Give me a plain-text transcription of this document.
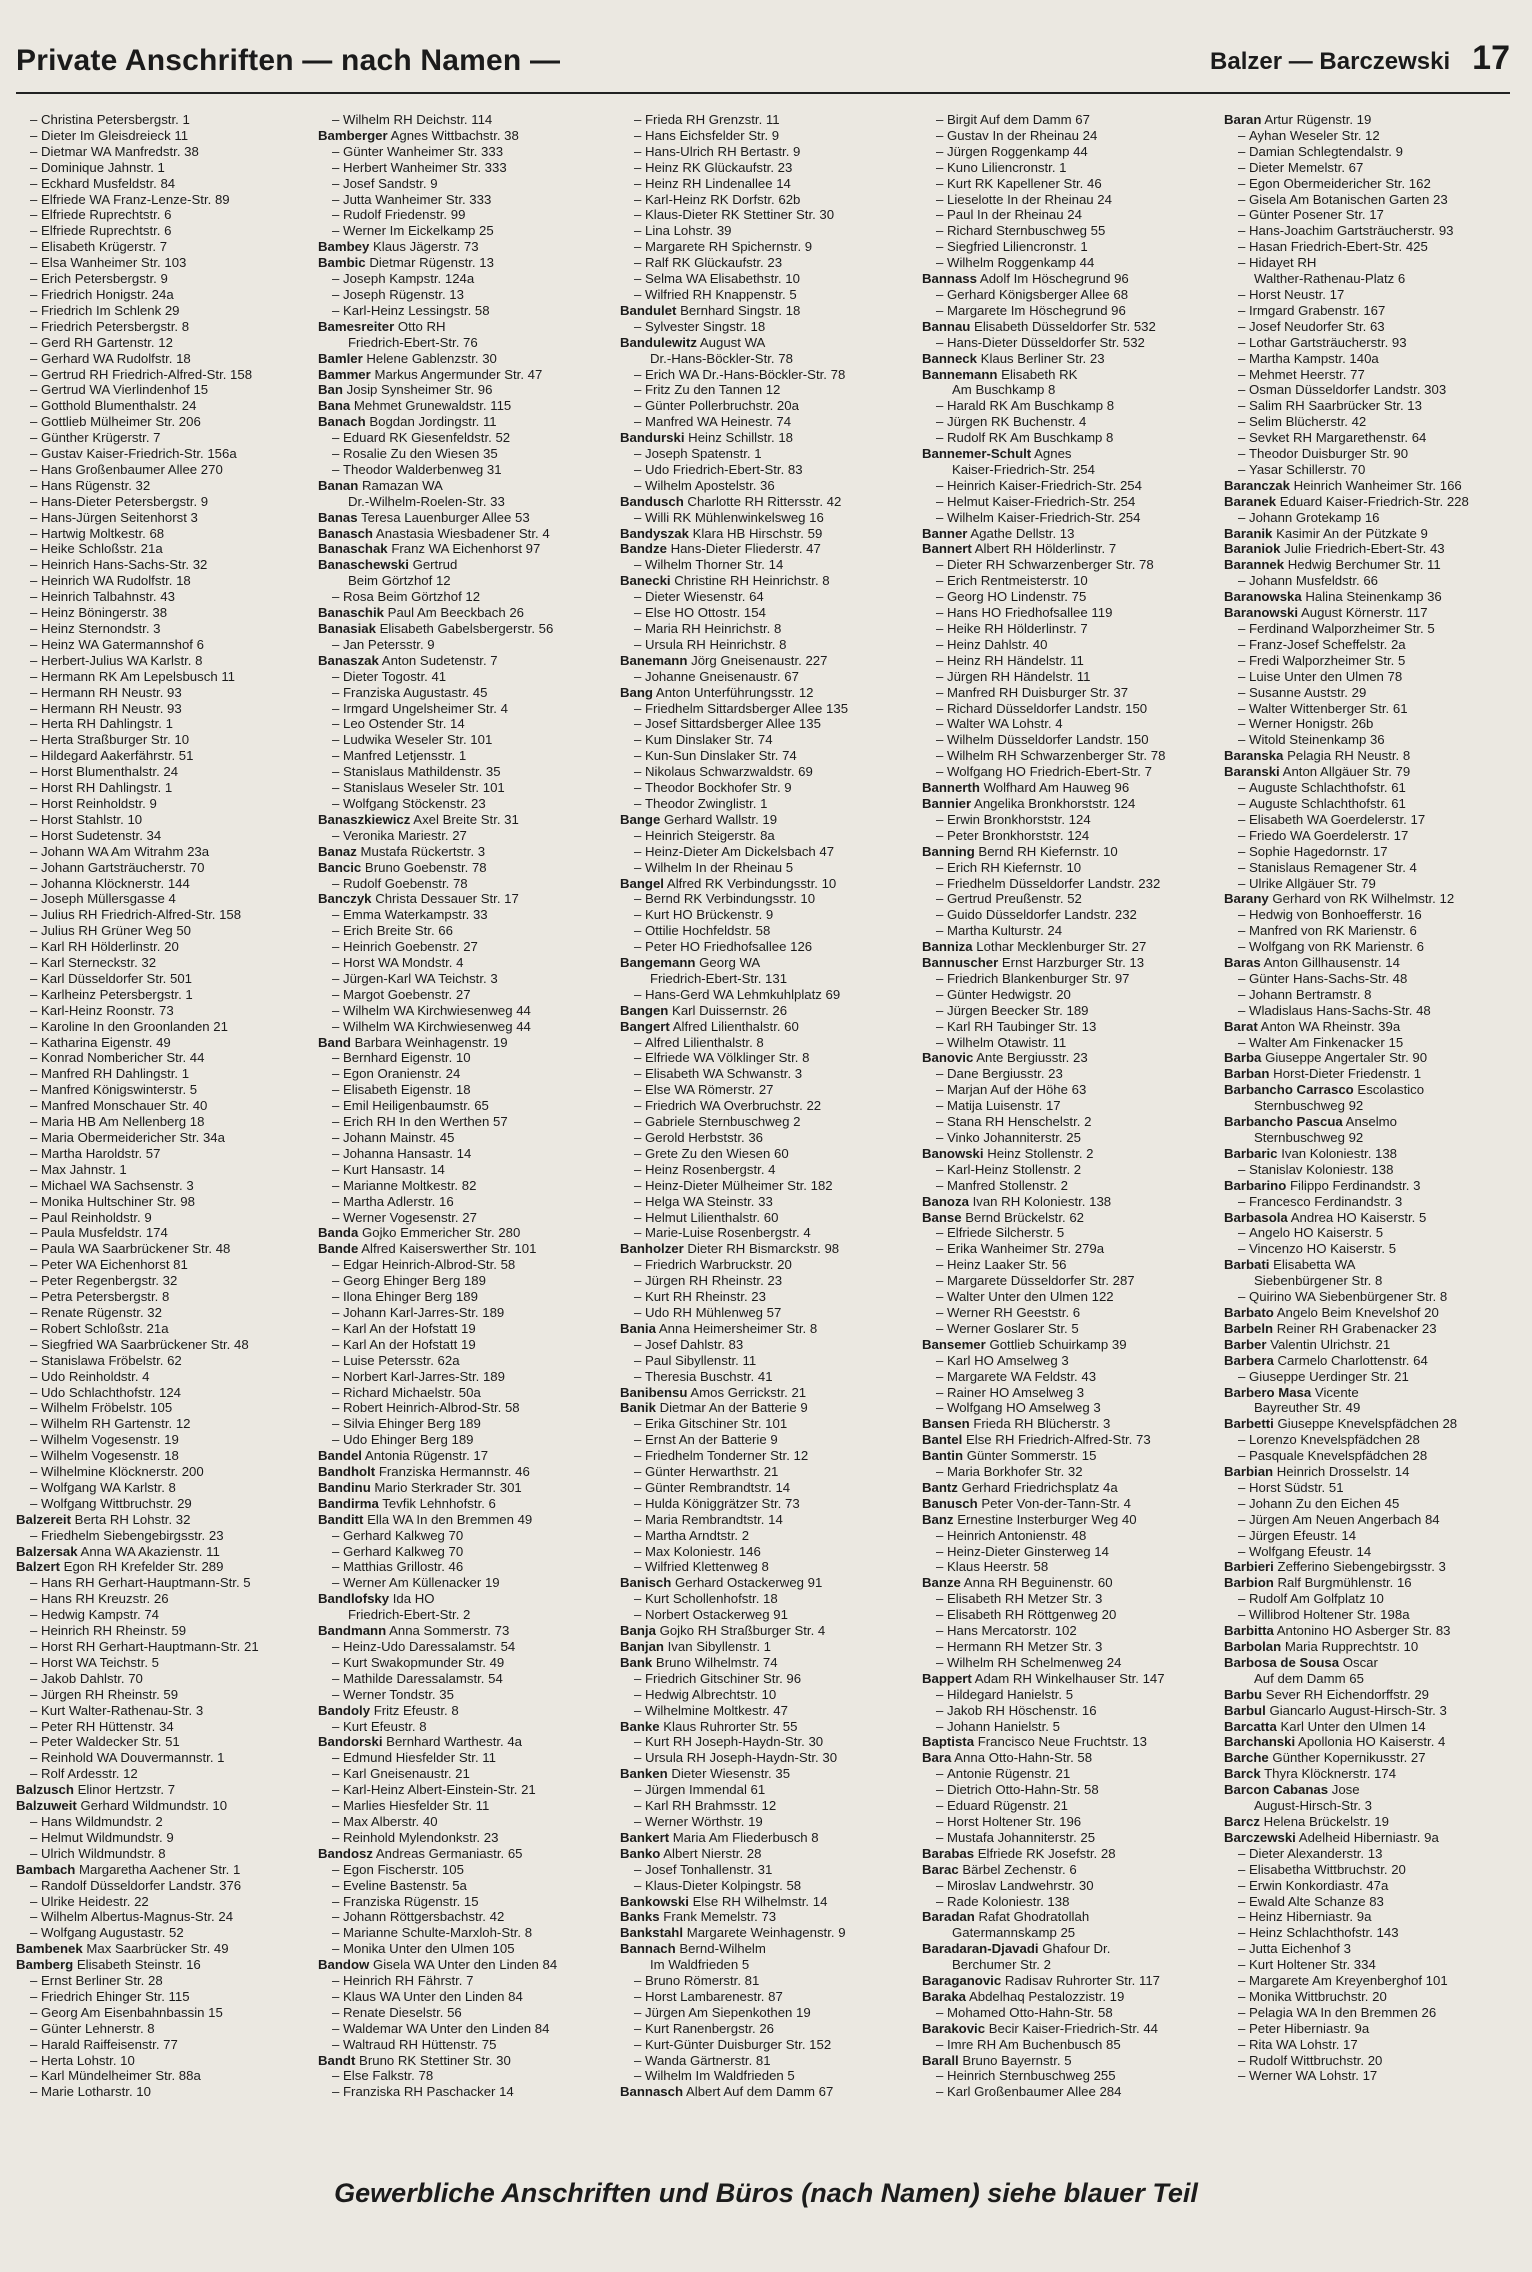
Private Anschriften — nach Namen —	Balzer — Barczewski 17
– Christina Petersbergstr. 1
– Dieter Im Gleisdreieck 11
– Dietmar WA Manfredstr. 38
– Dominique Jahnstr. 1
– Eckhard Musfeldstr. 84
– Elfriede WA Franz-Lenze-Str. 89
– Elfriede Ruprechtstr. 6
– Elfriede Ruprechtstr. 6
– Elisabeth Krügerstr. 7
– Elsa Wanheimer Str. 103
– Erich Petersbergstr. 9
– Friedrich Honigstr. 24a
– Friedrich Im Schlenk 29
– Friedrich Petersbergstr. 8
– Gerd RH Gartenstr. 12
– Gerhard WA Rudolfstr. 18
– Gertrud RH Friedrich-Alfred-Str. 158
– Gertrud WA Vierlindenhof 15
– Gotthold Blumenthalstr. 24
– Gottlieb Mülheimer Str. 206
– Günther Krügerstr. 7
– Gustav Kaiser-Friedrich-Str. 156a
– Hans Großenbaumer Allee 270
– Hans Rügenstr. 32
– Hans-Dieter Petersbergstr. 9
– Hans-Jürgen Seitenhorst 3
– Hartwig Moltkestr. 68
– Heike Schloßstr. 21a
– Heinrich Hans-Sachs-Str. 32
– Heinrich WA Rudolfstr. 18
– Heinrich Talbahnstr. 43
– Heinz Böningerstr. 38
– Heinz Sternondstr. 3
– Heinz WA Gatermannshof 6
– Herbert-Julius WA Karlstr. 8
– Hermann RK Am Lepelsbusch 11
– Hermann RH Neustr. 93
– Hermann RH Neustr. 93
– Herta RH Dahlingstr. 1
– Herta Straßburger Str. 10
– Hildegard Aakerfährstr. 51
– Horst Blumenthalstr. 24
– Horst RH Dahlingstr. 1
– Horst Reinholdstr. 9
– Horst Stahlstr. 10
– Horst Sudetenstr. 34
– Johann WA Am Witrahm 23a
– Johann Gartsträucherstr. 70
– Johanna Klöcknerstr. 144
– Joseph Müllersgasse 4
– Julius RH Friedrich-Alfred-Str. 158
– Julius RH Grüner Weg 50
– Karl RH Hölderlinstr. 20
– Karl Sterneckstr. 32
– Karl Düsseldorfer Str. 501
– Karlheinz Petersbergstr. 1
– Karl-Heinz Roonstr. 73
– Karoline In den Groonlanden 21
– Katharina Eigenstr. 49
– Konrad Nombericher Str. 44
– Manfred RH Dahlingstr. 1
– Manfred Königswinterstr. 5
– Manfred Monschauer Str. 40
– Maria HB Am Nellenberg 18
– Maria Obermeidericher Str. 34a
– Martha Haroldstr. 57
– Max Jahnstr. 1
– Michael WA Sachsenstr. 3
– Monika Hultschiner Str. 98
– Paul Reinholdstr. 9
– Paula Musfeldstr. 174
– Paula WA Saarbrückener Str. 48
– Peter WA Eichenhorst 81
– Peter Regenbergstr. 32
– Petra Petersbergstr. 8
– Renate Rügenstr. 32
– Robert Schloßstr. 21a
– Siegfried WA Saarbrückener Str. 48
– Stanislawa Fröbelstr. 62
– Udo Reinholdstr. 4
– Udo Schlachthofstr. 124
– Wilhelm Fröbelstr. 105
– Wilhelm RH Gartenstr. 12
– Wilhelm Vogesenstr. 19
– Wilhelm Vogesenstr. 18
– Wilhelmine Klöcknerstr. 200
– Wolfgang WA Karlstr. 8
– Wolfgang Wittbruchstr. 29
Balzereit Berta RH Lohstr. 32
– Friedhelm Siebengebirgsstr. 23
Balzersak Anna WA Akazienstr. 11
Balzert Egon RH Krefelder Str. 289
– Hans RH Gerhart-Hauptmann-Str. 5
– Hans RH Kreuzstr. 26
– Hedwig Kampstr. 74
– Heinrich RH Rheinstr. 59
– Horst RH Gerhart-Hauptmann-Str. 21
– Horst WA Teichstr. 5
– Jakob Dahlstr. 70
– Jürgen RH Rheinstr. 59
– Kurt Walter-Rathenau-Str. 3
– Peter RH Hüttenstr. 34
– Peter Waldecker Str. 51
– Reinhold WA Douvermannstr. 1
– Rolf Ardesstr. 12
Balzusch Elinor Hertzstr. 7
Balzuweit Gerhard Wildmundstr. 10
– Hans Wildmundstr. 2
– Helmut Wildmundstr. 9
– Ulrich Wildmundstr. 8
Bambach Margaretha Aachener Str. 1
– Randolf Düsseldorfer Landstr. 376
– Ulrike Heidestr. 22
– Wilhelm Albertus-Magnus-Str. 24
– Wolfgang Augustastr. 52
Bambenek Max Saarbrücker Str. 49
Bamberg Elisabeth Steinstr. 16
– Ernst Berliner Str. 28
– Friedrich Ehinger Str. 115
– Georg Am Eisenbahnbassin 15
– Günter Lehnerstr. 8
– Harald Raiffeisenstr. 77
– Herta Lohstr. 10
– Karl Mündelheimer Str. 88a
– Marie Lotharstr. 10
– Wilhelm RH Deichstr. 114
Bamberger Agnes Wittbachstr. 38
– Günter Wanheimer Str. 333
– Herbert Wanheimer Str. 333
– Josef Sandstr. 9
– Jutta Wanheimer Str. 333
– Rudolf Friedenstr. 99
– Werner Im Eickelkamp 25
Bambey Klaus Jägerstr. 73
Bambic Dietmar Rügenstr. 13
– Joseph Kampstr. 124a
– Joseph Rügenstr. 13
– Karl-Heinz Lessingstr. 58
Bamesreiter Otto RH
Friedrich-Ebert-Str. 76
Bamler Helene Gablenzstr. 30
Bammer Markus Angermunder Str. 47
Ban Josip Synsheimer Str. 96
Bana Mehmet Grunewaldstr. 115
Banach Bogdan Jordingstr. 11
– Eduard RK Giesenfeldstr. 52
– Rosalie Zu den Wiesen 35
– Theodor Walderbenweg 31
Banan Ramazan WA
Dr.-Wilhelm-Roelen-Str. 33
Banas Teresa Lauenburger Allee 53
Banasch Anastasia Wiesbadener Str. 4
Banaschak Franz WA Eichenhorst 97
Banaschewski Gertrud
Beim Görtzhof 12
– Rosa Beim Görtzhof 12
Banaschik Paul Am Beeckbach 26
Banasiak Elisabeth Gabelsbergerstr. 56
– Jan Petersstr. 9
Banaszak Anton Sudetenstr. 7
– Dieter Togostr. 41
– Franziska Augustastr. 45
– Irmgard Ungelsheimer Str. 4
– Leo Ostender Str. 14
– Ludwika Weseler Str. 101
– Manfred Letjensstr. 1
– Stanislaus Mathildenstr. 35
– Stanislaus Weseler Str. 101
– Wolfgang Stöckenstr. 23
Banaszkiewicz Axel Breite Str. 31
– Veronika Mariestr. 27
Banaz Mustafa Rückertstr. 3
Bancic Bruno Goebenstr. 78
– Rudolf Goebenstr. 78
Banczyk Christa Dessauer Str. 17
– Emma Waterkampstr. 33
– Erich Breite Str. 66
– Heinrich Goebenstr. 27
– Horst WA Mondstr. 4
– Jürgen-Karl WA Teichstr. 3
– Margot Goebenstr. 27
– Wilhelm WA Kirchwiesenweg 44
– Wilhelm WA Kirchwiesenweg 44
Band Barbara Weinhagenstr. 19
– Bernhard Eigenstr. 10
– Egon Oranienstr. 24
– Elisabeth Eigenstr. 18
– Emil Heiligenbaumstr. 65
– Erich RH In den Werthen 57
– Johann Mainstr. 45
– Johanna Hansastr. 14
– Kurt Hansastr. 14
– Marianne Moltkestr. 82
– Martha Adlerstr. 16
– Werner Vogesenstr. 27
Banda Gojko Emmericher Str. 280
Bande Alfred Kaiserswerther Str. 101
– Edgar Heinrich-Albrod-Str. 58
– Georg Ehinger Berg 189
– Ilona Ehinger Berg 189
– Johann Karl-Jarres-Str. 189
– Karl An der Hofstatt 19
– Karl An der Hofstatt 19
– Luise Petersstr. 62a
– Norbert Karl-Jarres-Str. 189
– Richard Michaelstr. 50a
– Robert Heinrich-Albrod-Str. 58
– Silvia Ehinger Berg 189
– Udo Ehinger Berg 189
Bandel Antonia Rügenstr. 17
Bandholt Franziska Hermannstr. 46
Bandinu Mario Sterkrader Str. 301
Bandirma Tevfik Lehnhofstr. 6
Banditt Ella WA In den Bremmen 49
– Gerhard Kalkweg 70
– Gerhard Kalkweg 70
– Matthias Grillostr. 46
– Werner Am Küllenacker 19
Bandlofsky Ida HO
Friedrich-Ebert-Str. 2
Bandmann Anna Sommerstr. 73
– Heinz-Udo Daressalamstr. 54
– Kurt Swakopmunder Str. 49
– Mathilde Daressalamstr. 54
– Werner Tondstr. 35
Bandoly Fritz Efeustr. 8
– Kurt Efeustr. 8
Bandorski Bernhard Warthestr. 4a
– Edmund Hiesfelder Str. 11
– Karl Gneisenaustr. 21
– Karl-Heinz Albert-Einstein-Str. 21
– Marlies Hiesfelder Str. 11
– Max Alberstr. 40
– Reinhold Mylendonkstr. 23
Bandosz Andreas Germaniastr. 65
– Egon Fischerstr. 105
– Eveline Bastenstr. 5a
– Franziska Rügenstr. 15
– Johann Röttgersbachstr. 42
– Marianne Schulte-Marxloh-Str. 8
– Monika Unter den Ulmen 105
Bandow Gisela WA Unter den Linden 84
– Heinrich RH Fährstr. 7
– Klaus WA Unter den Linden 84
– Renate Dieselstr. 56
– Waldemar WA Unter den Linden 84
– Waltraud RH Hüttenstr. 75
Bandt Bruno RK Stettiner Str. 30
– Else Falkstr. 78
– Franziska RH Paschacker 14
– Frieda RH Grenzstr. 11
– Hans Eichsfelder Str. 9
– Hans-Ulrich RH Bertastr. 9
– Heinz RK Glückaufstr. 23
– Heinz RH Lindenallee 14
– Karl-Heinz RK Dorfstr. 62b
– Klaus-Dieter RK Stettiner Str. 30
– Lina Lohstr. 39
– Margarete RH Spichernstr. 9
– Ralf RK Glückaufstr. 23
– Selma WA Elisabethstr. 10
– Wilfried RH Knappenstr. 5
Bandulet Bernhard Singstr. 18
– Sylvester Singstr. 18
Bandulewitz August WA
Dr.-Hans-Böckler-Str. 78
– Erich WA Dr.-Hans-Böckler-Str. 78
– Fritz Zu den Tannen 12
– Günter Pollerbruchstr. 20a
– Manfred WA Heinestr. 74
Bandurski Heinz Schillstr. 18
– Joseph Spatenstr. 1
– Udo Friedrich-Ebert-Str. 83
– Wilhelm Apostelstr. 36
Bandusch Charlotte RH Rittersstr. 42
– Willi RK Mühlenwinkelsweg 16
Bandyszak Klara HB Hirschstr. 59
Bandze Hans-Dieter Fliederstr. 47
– Wilhelm Thorner Str. 14
Banecki Christine RH Heinrichstr. 8
– Dieter Wiesenstr. 64
– Else HO Ottostr. 154
– Maria RH Heinrichstr. 8
– Ursula RH Heinrichstr. 8
Banemann Jörg Gneisenaustr. 227
– Johanne Gneisenaustr. 67
Bang Anton Unterführungsstr. 12
– Friedhelm Sittardsberger Allee 135
– Josef Sittardsberger Allee 135
– Kum Dinslaker Str. 74
– Kun-Sun Dinslaker Str. 74
– Nikolaus Schwarzwaldstr. 69
– Theodor Bockhofer Str. 9
– Theodor Zwinglistr. 1
Bange Gerhard Wallstr. 19
– Heinrich Steigerstr. 8a
– Heinz-Dieter Am Dickelsbach 47
– Wilhelm In der Rheinau 5
Bangel Alfred RK Verbindungsstr. 10
– Bernd RK Verbindungsstr. 10
– Kurt HO Brückenstr. 9
– Ottilie Hochfeldstr. 58
– Peter HO Friedhofsallee 126
Bangemann Georg WA
Friedrich-Ebert-Str. 131
– Hans-Gerd WA Lehmkuhlplatz 69
Bangen Karl Duissernstr. 26
Bangert Alfred Lilienthalstr. 60
– Alfred Lilienthalstr. 8
– Elfriede WA Völklinger Str. 8
– Elisabeth WA Schwanstr. 3
– Else WA Römerstr. 27
– Friedrich WA Overbruchstr. 22
– Gabriele Sternbuschweg 2
– Gerold Herbststr. 36
– Grete Zu den Wiesen 60
– Heinz Rosenbergstr. 4
– Heinz-Dieter Mülheimer Str. 182
– Helga WA Steinstr. 33
– Helmut Lilienthalstr. 60
– Marie-Luise Rosenbergstr. 4
Banholzer Dieter RH Bismarckstr. 98
– Friedrich Warbruckstr. 20
– Jürgen RH Rheinstr. 23
– Kurt RH Rheinstr. 23
– Udo RH Mühlenweg 57
Bania Anna Heimersheimer Str. 8
– Josef Dahlstr. 83
– Paul Sibyllenstr. 11
– Theresia Buschstr. 41
Banibensu Amos Gerrickstr. 21
Banik Dietmar An der Batterie 9
– Erika Gitschiner Str. 101
– Ernst An der Batterie 9
– Friedhelm Tonderner Str. 12
– Günter Herwarthstr. 21
– Günter Rembrandtstr. 14
– Hulda Königgrätzer Str. 73
– Maria Rembrandtstr. 14
– Martha Arndtstr. 2
– Max Koloniestr. 146
– Wilfried Klettenweg 8
Banisch Gerhard Ostackerweg 91
– Kurt Schollenhofstr. 18
– Norbert Ostackerweg 91
Banja Gojko RH Straßburger Str. 4
Banjan Ivan Sibyllenstr. 1
Bank Bruno Wilhelmstr. 74
– Friedrich Gitschiner Str. 96
– Hedwig Albrechtstr. 10
– Wilhelmine Moltkestr. 47
Banke Klaus Ruhrorter Str. 55
– Kurt RH Joseph-Haydn-Str. 30
– Ursula RH Joseph-Haydn-Str. 30
Banken Dieter Wiesenstr. 35
– Jürgen Immendal 61
– Karl RH Brahmsstr. 12
– Werner Wörthstr. 19
Bankert Maria Am Fliederbusch 8
Banko Albert Nierstr. 28
– Josef Tonhallenstr. 31
– Klaus-Dieter Kolpingstr. 58
Bankowski Else RH Wilhelmstr. 14
Banks Frank Memelstr. 73
Bankstahl Margarete Weinhagenstr. 9
Bannach Bernd-Wilhelm
Im Waldfrieden 5
– Bruno Römerstr. 81
– Horst Lambarenestr. 87
– Jürgen Am Siepenkothen 19
– Kurt Ranenbergstr. 26
– Kurt-Günter Duisburger Str. 152
– Wanda Gärtnerstr. 81
– Wilhelm Im Waldfrieden 5
Bannasch Albert Auf dem Damm 67
– Birgit Auf dem Damm 67
– Gustav In der Rheinau 24
– Jürgen Roggenkamp 44
– Kuno Liliencronstr. 1
– Kurt RK Kapellener Str. 46
– Lieselotte In der Rheinau 24
– Paul In der Rheinau 24
– Richard Sternbuschweg 55
– Siegfried Liliencronstr. 1
– Wilhelm Roggenkamp 44
Bannass Adolf Im Höschegrund 96
– Gerhard Königsberger Allee 68
– Margarete Im Höschegrund 96
Bannau Elisabeth Düsseldorfer Str. 532
– Hans-Dieter Düsseldorfer Str. 532
Banneck Klaus Berliner Str. 23
Bannemann Elisabeth RK
Am Buschkamp 8
– Harald RK Am Buschkamp 8
– Jürgen RK Buchenstr. 4
– Rudolf RK Am Buschkamp 8
Bannemer-Schult Agnes
Kaiser-Friedrich-Str. 254
– Heinrich Kaiser-Friedrich-Str. 254
– Helmut Kaiser-Friedrich-Str. 254
– Wilhelm Kaiser-Friedrich-Str. 254
Banner Agathe Dellstr. 13
Bannert Albert RH Hölderlinstr. 7
– Dieter RH Schwarzenberger Str. 78
– Erich Rentmeisterstr. 10
– Georg HO Lindenstr. 75
– Hans HO Friedhofsallee 119
– Heike RH Hölderlinstr. 7
– Heinz Dahlstr. 40
– Heinz RH Händelstr. 11
– Jürgen RH Händelstr. 11
– Manfred RH Duisburger Str. 37
– Richard Düsseldorfer Landstr. 150
– Walter WA Lohstr. 4
– Wilhelm Düsseldorfer Landstr. 150
– Wilhelm RH Schwarzenberger Str. 78
– Wolfgang HO Friedrich-Ebert-Str. 7
Bannerth Wolfhard Am Hauweg 96
Bannier Angelika Bronkhorststr. 124
– Erwin Bronkhorststr. 124
– Peter Bronkhorststr. 124
Banning Bernd RH Kiefernstr. 10
– Erich RH Kiefernstr. 10
– Friedhelm Düsseldorfer Landstr. 232
– Gertrud Preußenstr. 52
– Guido Düsseldorfer Landstr. 232
– Martha Kulturstr. 24
Banniza Lothar Mecklenburger Str. 27
Bannuscher Ernst Harzburger Str. 13
– Friedrich Blankenburger Str. 97
– Günter Hedwigstr. 20
– Jürgen Beecker Str. 189
– Karl RH Taubinger Str. 13
– Wilhelm Otawistr. 11
Banovic Ante Bergiusstr. 23
– Dane Bergiusstr. 23
– Marjan Auf der Höhe 63
– Matija Luisenstr. 17
– Stana RH Henschelstr. 2
– Vinko Johanniterstr. 25
Banowski Heinz Stollenstr. 2
– Karl-Heinz Stollenstr. 2
– Manfred Stollenstr. 2
Banoza Ivan RH Koloniestr. 138
Banse Bernd Brückelstr. 62
– Elfriede Silcherstr. 5
– Erika Wanheimer Str. 279a
– Heinz Laaker Str. 56
– Margarete Düsseldorfer Str. 287
– Walter Unter den Ulmen 122
– Werner RH Geeststr. 6
– Werner Goslarer Str. 5
Bansemer Gottlieb Schuirkamp 39
– Karl HO Amselweg 3
– Margarete WA Feldstr. 43
– Rainer HO Amselweg 3
– Wolfgang HO Amselweg 3
Bansen Frieda RH Blücherstr. 3
Bantel Else RH Friedrich-Alfred-Str. 73
Bantin Günter Sommerstr. 15
– Maria Borkhofer Str. 32
Bantz Gerhard Friedrichsplatz 4a
Banusch Peter Von-der-Tann-Str. 4
Banz Ernestine Insterburger Weg 40
– Heinrich Antonienstr. 48
– Heinz-Dieter Ginsterweg 14
– Klaus Heerstr. 58
Banze Anna RH Beguinenstr. 60
– Elisabeth RH Metzer Str. 3
– Elisabeth RH Röttgenweg 20
– Hans Mercatorstr. 102
– Hermann RH Metzer Str. 3
– Wilhelm RH Schelmenweg 24
Bappert Adam RH Winkelhauser Str. 147
– Hildegard Hanielstr. 5
– Jakob RH Höschenstr. 16
– Johann Hanielstr. 5
Baptista Francisco Neue Fruchtstr. 13
Bara Anna Otto-Hahn-Str. 58
– Antonie Rügenstr. 21
– Dietrich Otto-Hahn-Str. 58
– Eduard Rügenstr. 21
– Horst Holtener Str. 196
– Mustafa Johanniterstr. 25
Barabas Elfriede RK Josefstr. 28
Barac Bärbel Zechenstr. 6
– Miroslav Landwehrstr. 30
– Rade Koloniestr. 138
Baradan Rafat Ghodratollah
Gatermannskamp 25
Baradaran-Djavadi Ghafour Dr.
Berchumer Str. 2
Baraganovic Radisav Ruhrorter Str. 117
Baraka Abdelhaq Pestalozzistr. 19
– Mohamed Otto-Hahn-Str. 58
Barakovic Becir Kaiser-Friedrich-Str. 44
– Imre RH Am Buchenbusch 85
Barall Bruno Bayernstr. 5
– Heinrich Sternbuschweg 255
– Karl Großenbaumer Allee 284
Baran Artur Rügenstr. 19
– Ayhan Weseler Str. 12
– Damian Schlegtendalstr. 9
– Dieter Memelstr. 67
– Egon Obermeidericher Str. 162
– Gisela Am Botanischen Garten 23
– Günter Posener Str. 17
– Hans-Joachim Gartsträucherstr. 93
– Hasan Friedrich-Ebert-Str. 425
– Hidayet RH
Walther-Rathenau-Platz 6
– Horst Neustr. 17
– Irmgard Grabenstr. 167
– Josef Neudorfer Str. 63
– Lothar Gartsträucherstr. 93
– Martha Kampstr. 140a
– Mehmet Heerstr. 77
– Osman Düsseldorfer Landstr. 303
– Salim RH Saarbrücker Str. 13
– Selim Blücherstr. 42
– Sevket RH Margarethenstr. 64
– Theodor Duisburger Str. 90
– Yasar Schillerstr. 70
Baranczak Heinrich Wanheimer Str. 166
Baranek Eduard Kaiser-Friedrich-Str. 228
– Johann Grotekamp 16
Baranik Kasimir An der Pützkate 9
Baraniok Julie Friedrich-Ebert-Str. 43
Barannek Hedwig Berchumer Str. 11
– Johann Musfeldstr. 66
Baranowska Halina Steinenkamp 36
Baranowski August Körnerstr. 117
– Ferdinand Walporzheimer Str. 5
– Franz-Josef Scheffelstr. 2a
– Fredi Walporzheimer Str. 5
– Luise Unter den Ulmen 78
– Susanne Auststr. 29
– Walter Wittenberger Str. 61
– Werner Honigstr. 26b
– Witold Steinenkamp 36
Baranska Pelagia RH Neustr. 8
Baranski Anton Allgäuer Str. 79
– Auguste Schlachthofstr. 61
– Auguste Schlachthofstr. 61
– Elisabeth WA Goerdelerstr. 17
– Friedo WA Goerdelerstr. 17
– Sophie Hagedornstr. 17
– Stanislaus Remagener Str. 4
– Ulrike Allgäuer Str. 79
Barany Gerhard von RK Wilhelmstr. 12
– Hedwig von Bonhoefferstr. 16
– Manfred von RK Marienstr. 6
– Wolfgang von RK Marienstr. 6
Baras Anton Gillhausenstr. 14
– Günter Hans-Sachs-Str. 48
– Johann Bertramstr. 8
– Wladislaus Hans-Sachs-Str. 48
Barat Anton WA Rheinstr. 39a
– Walter Am Finkenacker 15
Barba Giuseppe Angertaler Str. 90
Barban Horst-Dieter Friedenstr. 1
Barbancho Carrasco Escolastico
Sternbuschweg 92
Barbancho Pascua Anselmo
Sternbuschweg 92
Barbaric Ivan Koloniestr. 138
– Stanislav Koloniestr. 138
Barbarino Filippo Ferdinandstr. 3
– Francesco Ferdinandstr. 3
Barbasola Andrea HO Kaiserstr. 5
– Angelo HO Kaiserstr. 5
– Vincenzo HO Kaiserstr. 5
Barbati Elisabetta WA
Siebenbürgener Str. 8
– Quirino WA Siebenbürgener Str. 8
Barbato Angelo Beim Knevelshof 20
Barbeln Reiner RH Grabenacker 23
Barber Valentin Ulrichstr. 21
Barbera Carmelo Charlottenstr. 64
– Giuseppe Uerdinger Str. 21
Barbero Masa Vicente
Bayreuther Str. 49
Barbetti Giuseppe Knevelspfädchen 28
– Lorenzo Knevelspfädchen 28
– Pasquale Knevelspfädchen 28
Barbian Heinrich Drosselstr. 14
– Horst Südstr. 51
– Johann Zu den Eichen 45
– Jürgen Am Neuen Angerbach 84
– Jürgen Efeustr. 14
– Wolfgang Efeustr. 14
Barbieri Zefferino Siebengebirgsstr. 3
Barbion Ralf Burgmühlenstr. 16
– Rudolf Am Golfplatz 10
– Willibrod Holtener Str. 198a
Barbitta Antonino HO Asberger Str. 83
Barbolan Maria Rupprechtstr. 10
Barbosa de Sousa Oscar
Auf dem Damm 65
Barbu Sever RH Eichendorffstr. 29
Barbul Giancarlo August-Hirsch-Str. 3
Barcatta Karl Unter den Ulmen 14
Barchanski Apollonia HO Kaiserstr. 4
Barche Günther Kopernikusstr. 27
Barck Thyra Klöcknerstr. 174
Barcon Cabanas Jose
August-Hirsch-Str. 3
Barcz Helena Brückelstr. 19
Barczewski Adelheid Hiberniastr. 9a
– Dieter Alexanderstr. 13
– Elisabetha Wittbruchstr. 20
– Erwin Konkordiastr. 47a
– Ewald Alte Schanze 83
– Heinz Hiberniastr. 9a
– Heinz Schlachthofstr. 143
– Jutta Eichenhof 3
– Kurt Holtener Str. 334
– Margarete Am Kreyenberghof 101
– Monika Wittbruchstr. 20
– Pelagia WA In den Bremmen 26
– Peter Hiberniastr. 9a
– Rita WA Lohstr. 17
– Rudolf Wittbruchstr. 20
– Werner WA Lohstr. 17
Gewerbliche Anschriften und Büros (nach Namen) siehe blauer Teil
